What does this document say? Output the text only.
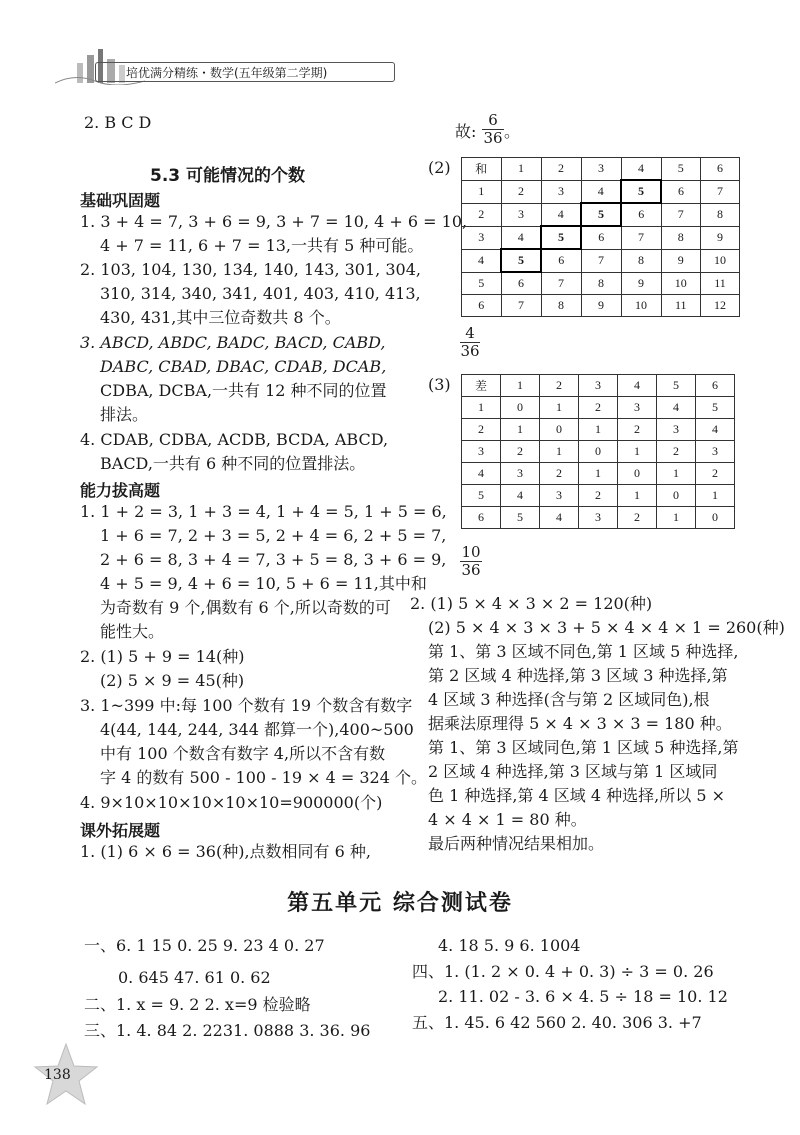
培优满分精练・数学(五年级第二学期)
2. B C D
5.3 可能情况的个数
基础巩固题
1. 3 + 4 = 7, 3 + 6 = 9, 3 + 7 = 10, 4 + 6 = 10,
4 + 7 = 11, 6 + 7 = 13,一共有 5 种可能。
2. 103, 104, 130, 134, 140, 143, 301, 304,
310, 314, 340, 341, 401, 403, 410, 413,
430, 431,其中三位奇数共 8 个。
3. ABCD, ABDC, BADC, BACD, CABD,
DABC, CBAD, DBAC, CDAB, DCAB,
CDBA, DCBA,一共有 12 种不同的位置
排法。
4. CDAB, CDBA, ACDB, BCDA, ABCD,
BACD,一共有 6 种不同的位置排法。
能力拔高题
1. 1 + 2 = 3, 1 + 3 = 4, 1 + 4 = 5, 1 + 5 = 6,
1 + 6 = 7, 2 + 3 = 5, 2 + 4 = 6, 2 + 5 = 7,
2 + 6 = 8, 3 + 4 = 7, 3 + 5 = 8, 3 + 6 = 9,
4 + 5 = 9, 4 + 6 = 10, 5 + 6 = 11,其中和
为奇数有 9 个,偶数有 6 个,所以奇数的可
能性大。
2. (1) 5 + 9 = 14(种)
(2) 5 × 9 = 45(种)
3. 1~399 中:每 100 个数有 19 个数含有数字
4(44, 144, 244, 344 都算一个),400~500
中有 100 个数含有数字 4,所以不含有数
字 4 的数有 500 - 100 - 19 × 4 = 324 个。
4. 9×10×10×10×10×10=900000(个)
课外拓展题
1. (1) 6 × 6 = 36(种),点数相同有 6 种,
故: $\frac{6}{36}$ 。
(2) 和	1	2	3	4	5	6
1	2	3	4	5	6	7
2	3	4	5	6	7	8
3	4	5	6	7	8	9
4	5	6	7	8	9	10
5	6	7	8	9	10	11
6	7	8	9	10	11	12
$\frac{4}{36}$
(3) 差	1	2	3	4	5	6
1	0	1	2	3	4	5
2	1	0	1	2	3	4
3	2	1	0	1	2	3
4	3	2	1	0	1	2
5	4	3	2	1	0	1
6	5	4	3	2	1	0
$\frac{10}{36}$
2. (1) 5 × 4 × 3 × 2 = 120(种)
(2) 5 × 4 × 3 × 3 + 5 × 4 × 4 × 1 = 260(种)
第 1、第 3 区域不同色,第 1 区域 5 种选择,
第 2 区域 4 种选择,第 3 区域 3 种选择,第
4 区域 3 种选择(含与第 2 区域同色),根
据乘法原理得 5 × 4 × 3 × 3 = 180 种。
第 1、第 3 区域同色,第 1 区域 5 种选择,第
2 区域 4 种选择,第 3 区域与第 1 区域同
色 1 种选择,第 4 区域 4 种选择,所以 5 ×
4 × 4 × 1 = 80 种。
最后两种情况结果相加。
第五单元 综合测试卷
一、6. 1 15 0. 25 9. 23 4 0. 27
0. 645 47. 61 0. 62
二、1. x = 9. 2 2. x=9 检验略
三、1. 4. 84 2. 2231. 0888 3. 36. 96
4. 18 5. 9 6. 1004
四、1. (1. 2 × 0. 4 + 0. 3) ÷ 3 = 0. 26
2. 11. 02 - 3. 6 × 4. 5 ÷ 18 = 10. 12
五、1. 45. 6 42 560 2. 40. 306 3. +7
138
